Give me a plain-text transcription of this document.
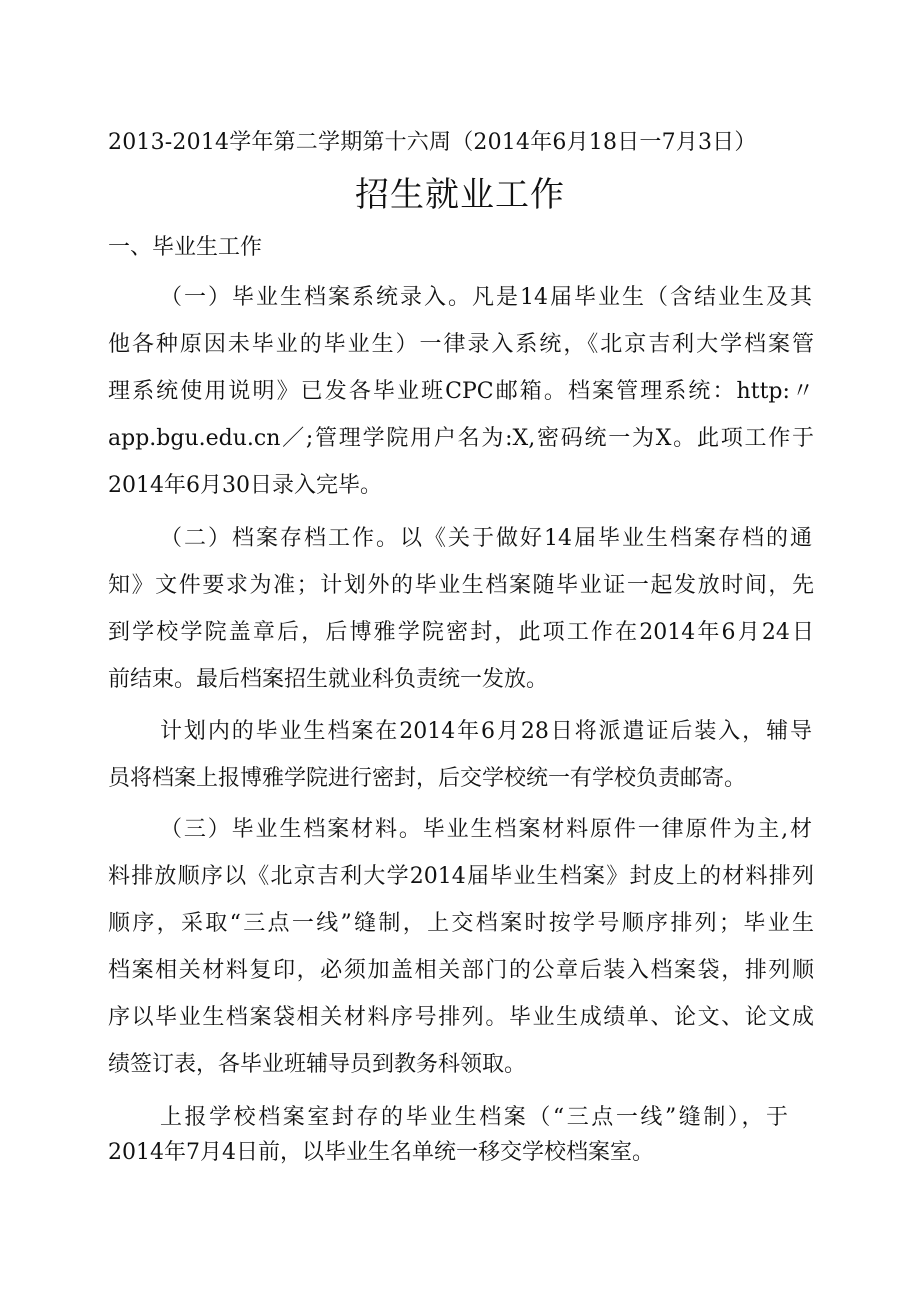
2013-2014学年第二学期第十六周（2014年6月18日一7月3日）
招生就业工作
一、毕业生工作
（一）毕业生档案系统录入。凡是14届毕业生（含结业生及其
他各种原因未毕业的毕业生）一律录入系统，《北京吉利大学档案管
理系统使用说明》已发各毕业班CPC邮箱。档案管理系统：http:〃
app.bgu.edu.cn／;管理学院用户名为:X,密码统一为X。此项工作于
2014年6月30日录入完毕。
（二）档案存档工作。以《关于做好14届毕业生档案存档的通
知》文件要求为准；计划外的毕业生档案随毕业证一起发放时间，先
到学校学院盖章后，后博雅学院密封，此项工作在2014年6月24日
前结束。最后档案招生就业科负责统一发放。
计划内的毕业生档案在2014年6月28日将派遣证后装入，辅导
员将档案上报博雅学院进行密封，后交学校统一有学校负责邮寄。
（三）毕业生档案材料。毕业生档案材料原件一律原件为主,材
料排放顺序以《北京吉利大学2014届毕业生档案》封皮上的材料排列
顺序，采取“三点一线”缝制，上交档案时按学号顺序排列；毕业生
档案相关材料复印，必须加盖相关部门的公章后装入档案袋，排列顺
序以毕业生档案袋相关材料序号排列。毕业生成绩单、论文、论文成
绩签订表，各毕业班辅导员到教务科领取。
上报学校档案室封存的毕业生档案（“三点一线”缝制），于
2014年7月4日前，以毕业生名单统一移交学校档案室。
